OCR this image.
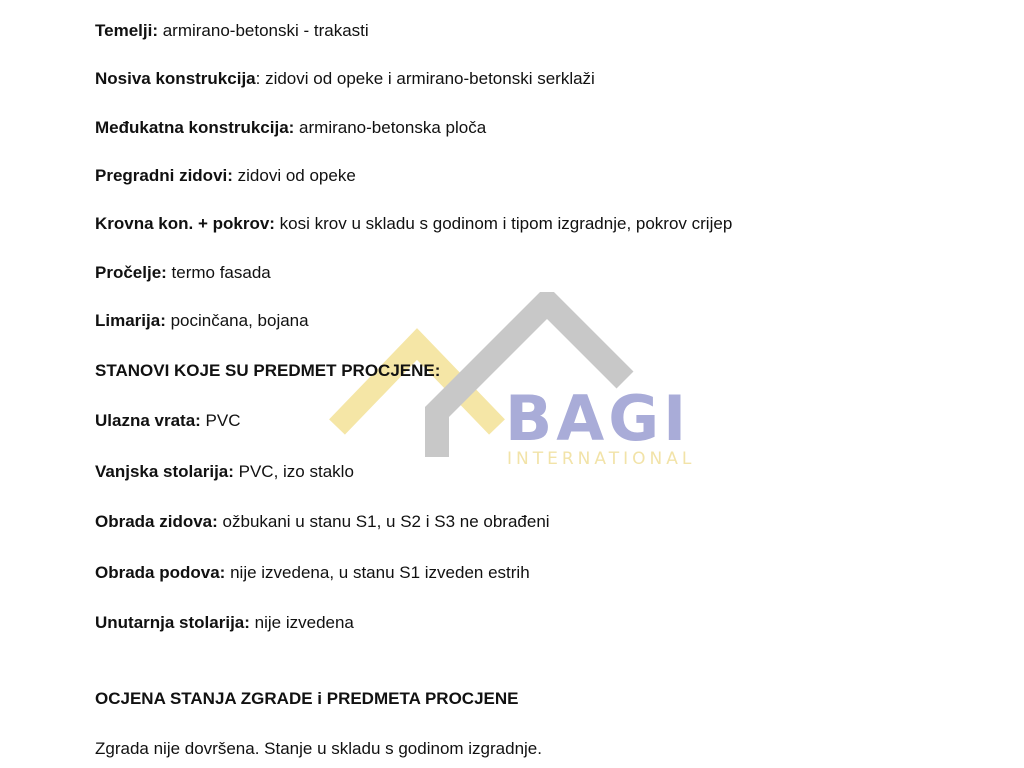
BAGI
INTERNATIONAL
Temelji: armirano-betonski - trakasti
Nosiva konstrukcija: zidovi od opeke i armirano-betonski serklaži
Međukatna konstrukcija: armirano-betonska ploča
Pregradni zidovi: zidovi od opeke
Krovna kon. + pokrov: kosi krov u skladu s godinom i tipom izgradnje, pokrov crijep
Pročelje: termo fasada
Limarija: pocinčana, bojana
STANOVI KOJE SU PREDMET PROCJENE:
Ulazna vrata: PVC
Vanjska stolarija: PVC, izo staklo
Obrada zidova: ožbukani u stanu S1, u S2 i S3 ne obrađeni
Obrada podova: nije izvedena, u stanu S1 izveden estrih
Unutarnja stolarija: nije izvedena
OCJENA STANJA ZGRADE i PREDMETA PROCJENE
Zgrada nije dovršena. Stanje u skladu s godinom izgradnje.
